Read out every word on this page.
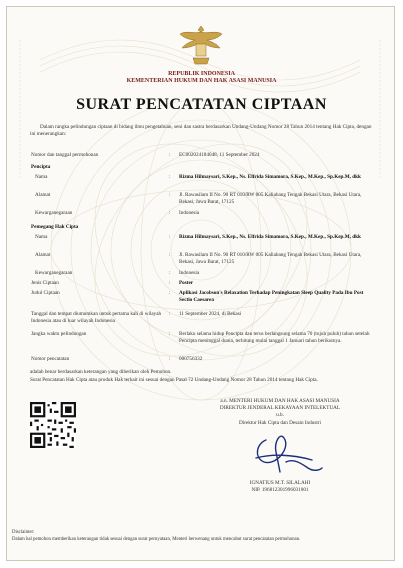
REPUBLIK INDONESIA
KEMENTERIAN HUKUM DAN HAK ASASI MANUSIA
SURAT PENCATATAN CIPTAAN
Dalam rangka pelindungan ciptaan di bidang ilmu pengetahuan, seni dan sastra berdasarkan Undang-Undang Nomor 28 Tahun 2014 tentang Hak Cipta, dengan ini menerangkan:
Nomor dan tanggal permohonan	: EC002024184048, 11 September 2024
Pencipta
Nama	: Rizma Hilmaysari, S.Kep., Ns. Elfrida Simamora, S.Kep., M.Kep., Sp.Kep.M, dkk
Alamat	: Jl. Rawasilam II No. 90 RT 010/RW 005 Kaliabang Tengah Bekasi Utara, Bekasi Utara, Bekasi, Jawa Barat, 17125
Kewarganegaraan	: Indonesia
Pemegang Hak Cipta
Nama	: Rizma Hilmaysari, S.Kep., Ns. Elfrida Simamora, S.Kep., M.Kep., Sp.Kep.M, dkk
Alamat	: Jl. Rawasilam II No. 90 RT 010/RW 005 Kaliabang Tengah Bekasi Utara, Bekasi Utara, Bekasi, Jawa Barat, 17125
Kewarganegaraan	: Indonesia
Jenis Ciptaan	: Poster
Judul Ciptaan	: Aplikasi Jacobson's Relaxation Terhadap Peningkatan Sleep Quality Pada Ibu Post Sectio Caesarea
Tanggal dan tempat diumumkan untuk pertama kali di wilayah Indonesia atau di luar wilayah Indonesia
: 11 September 2024, di Bekasi
Jangka waktu pelindungan	: Berlaku selama hidup Pencipta dan terus berlangsung selama 70 (tujuh puluh) tahun setelah Pencipta meninggal dunia, terhitung mulai tanggal 1 Januari tahun berikutnya.
Nomor pencatatan	: 000756332
adalah benar berdasarkan keterangan yang diberikan oleh Pemohon.
Surat Pencatatan Hak Cipta atau produk Hak terkait ini sesuai dengan Pasal 72 Undang-Undang Nomor 28 Tahun 2014 tentang Hak Cipta.
a.n. MENTERI HUKUM DAN HAK ASASI MANUSIA
DIREKTUR JENDERAL KEKAYAAN INTELEKTUAL
u.b.
Direktur Hak Cipta dan Desain Industri
IGNATIUS M.T. SILALAHI
NIP. 196812301996031001
Disclaimer:
Dalam hal pemohon memberikan keterangan tidak sesuai dengan surat pernyataan, Menteri berwenang untuk mencabut surat pencatatan permohonan.
